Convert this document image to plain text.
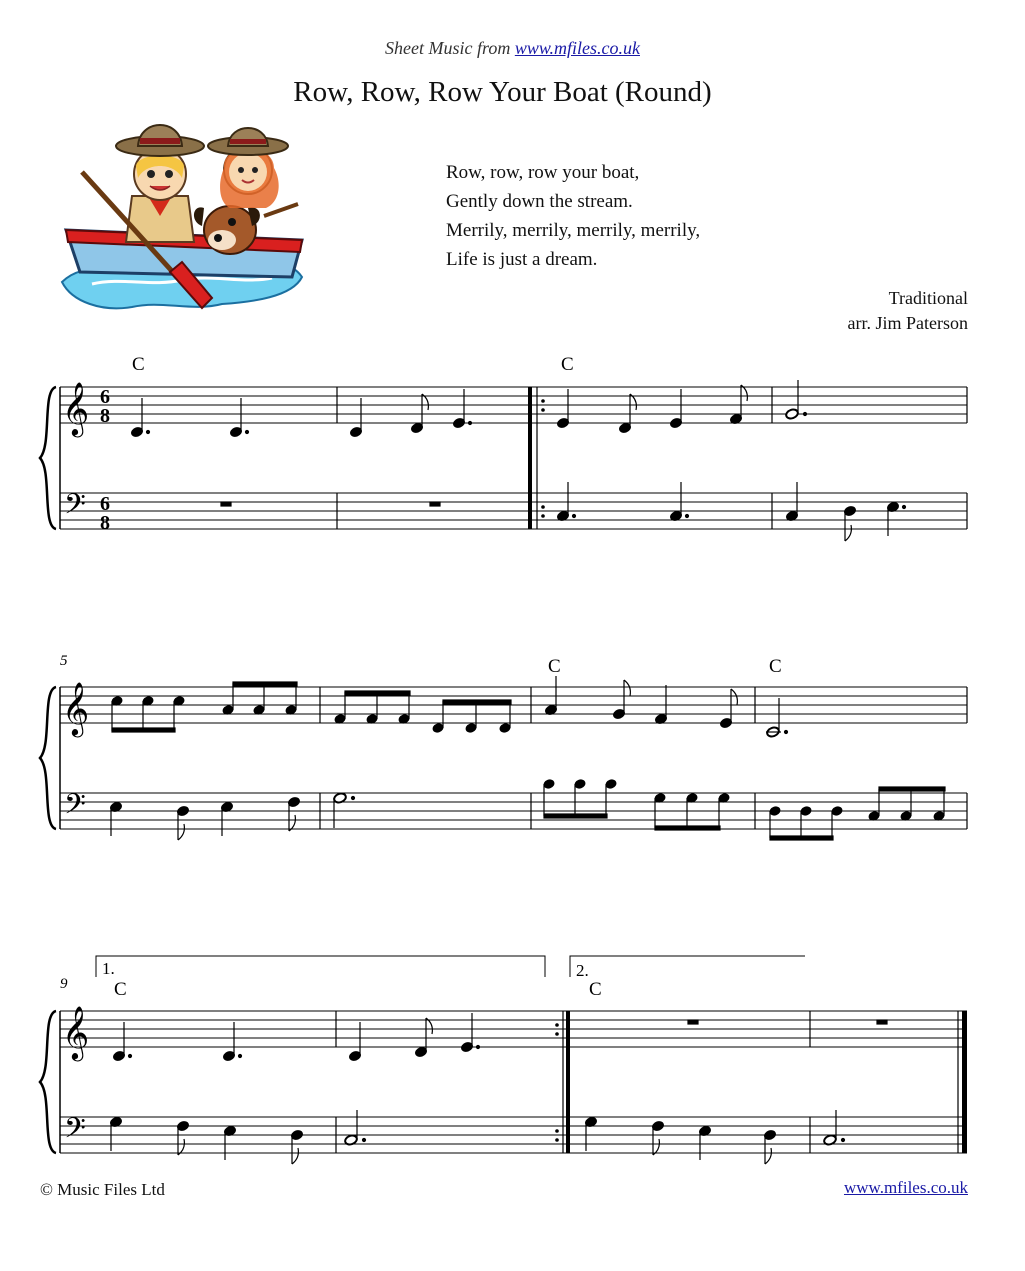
Sheet Music from www.mfiles.co.uk
Row, Row, Row Your Boat (Round)
Row, row, row your boat,
Gently down the stream.
Merrily, merrily, merrily, merrily,
Life is just a dream.
Traditional
arr. Jim Paterson
C	C
𝄞
𝄢
6
8
6
8
5	C	C
𝄞
𝄢
9
1.	2.
C	C
𝄞
𝄢
© Music Files Ltd	www.mfiles.co.uk
